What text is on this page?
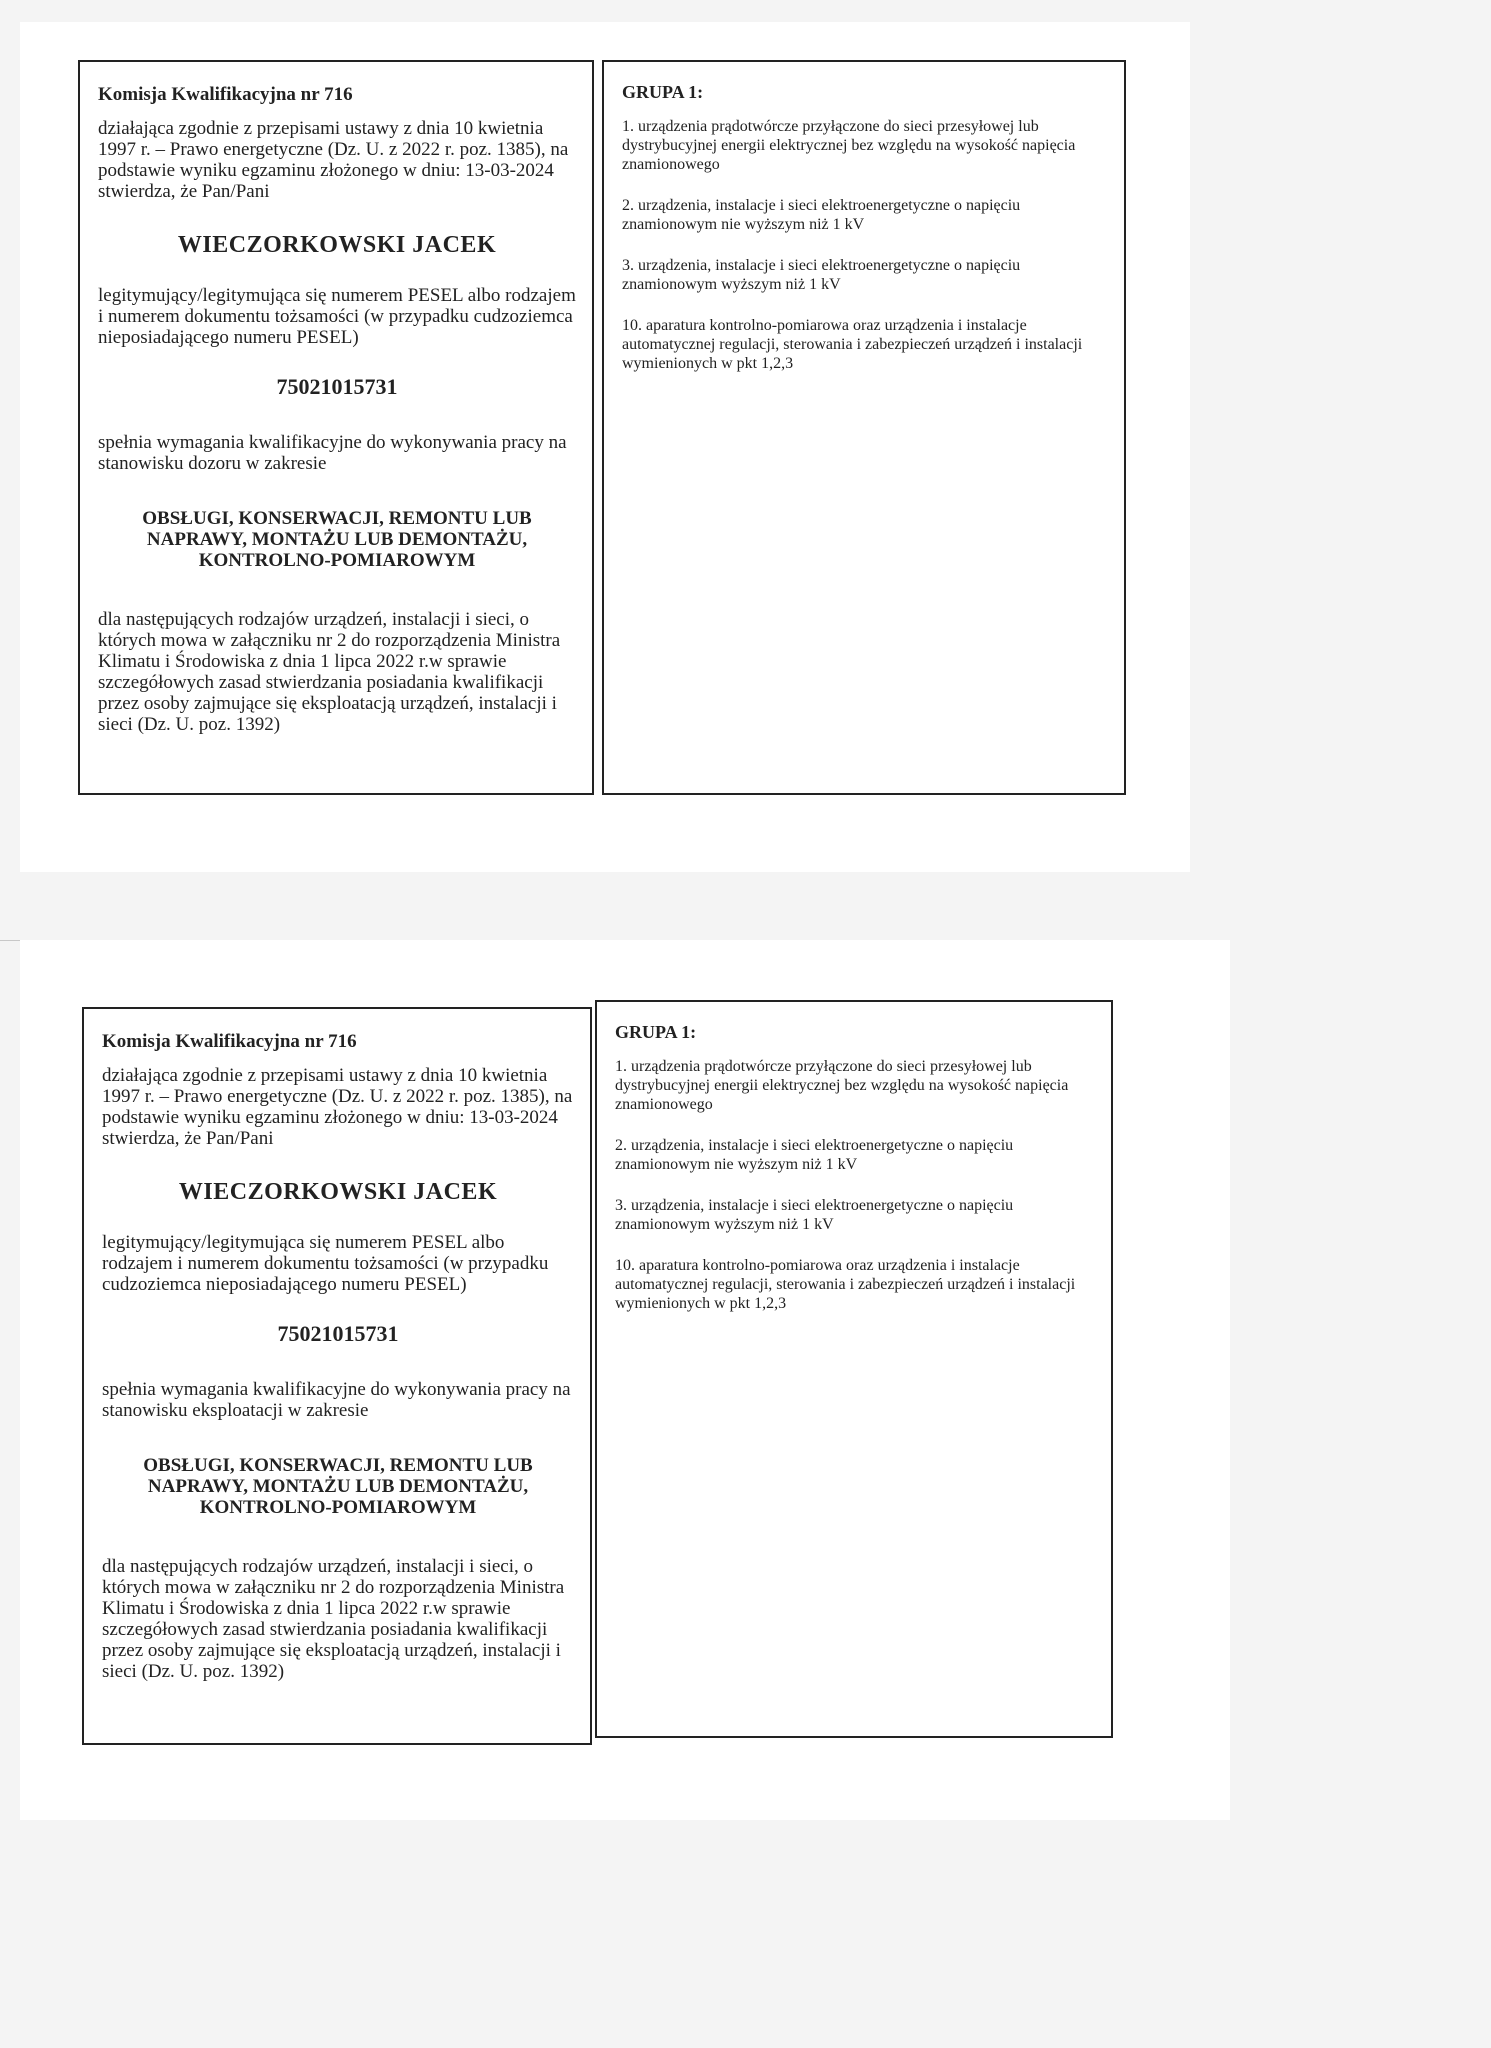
Komisja Kwalifikacyjna nr 716

działająca zgodnie z przepisami ustawy z dnia 10 kwietnia 1997 r. – Prawo energetyczne (Dz. U. z 2022 r. poz. 1385), na podstawie wyniku egzaminu złożonego w dniu: 13-03-2024 stwierdza, że Pan/Pani

WIECZORKOWSKI JACEK

legitymujący/legitymująca się numerem PESEL albo rodzajem i numerem dokumentu tożsamości (w przypadku cudzoziemca nieposiadającego numeru PESEL)

75021015731

spełnia wymagania kwalifikacyjne do wykonywania pracy na stanowisku dozoru w zakresie

OBSŁUGI, KONSERWACJI, REMONTU LUB NAPRAWY, MONTAŻU LUB DEMONTAŻU, KONTROLNO-POMIAROWYM

dla następujących rodzajów urządzeń, instalacji i sieci, o których mowa w załączniku nr 2 do rozporządzenia Ministra Klimatu i Środowiska z dnia 1 lipca 2022 r.w sprawie szczegółowych zasad stwierdzania posiadania kwalifikacji przez osoby zajmujące się eksploatacją urządzeń, instalacji i sieci (Dz. U. poz. 1392)

GRUPA 1:

1. urządzenia prądotwórcze przyłączone do sieci przesyłowej lub dystrybucyjnej energii elektrycznej bez względu na wysokość napięcia znamionowego

2. urządzenia, instalacje i sieci elektroenergetyczne o napięciu znamionowym nie wyższym niż 1 kV

3. urządzenia, instalacje i sieci elektroenergetyczne o napięciu znamionowym wyższym niż 1 kV

10. aparatura kontrolno-pomiarowa oraz urządzenia i instalacje automatycznej regulacji, sterowania i zabezpieczeń urządzeń i instalacji wymienionych w pkt 1,2,3

Komisja Kwalifikacyjna nr 716

działająca zgodnie z przepisami ustawy z dnia 10 kwietnia 1997 r. – Prawo energetyczne (Dz. U. z 2022 r. poz. 1385), na podstawie wyniku egzaminu złożonego w dniu: 13-03-2024 stwierdza, że Pan/Pani

WIECZORKOWSKI JACEK

legitymujący/legitymująca się numerem PESEL albo rodzajem i numerem dokumentu tożsamości (w przypadku cudzoziemca nieposiadającego numeru PESEL)

75021015731

spełnia wymagania kwalifikacyjne do wykonywania pracy na stanowisku eksploatacji w zakresie

OBSŁUGI, KONSERWACJI, REMONTU LUB NAPRAWY, MONTAŻU LUB DEMONTAŻU, KONTROLNO-POMIAROWYM

dla następujących rodzajów urządzeń, instalacji i sieci, o których mowa w załączniku nr 2 do rozporządzenia Ministra Klimatu i Środowiska z dnia 1 lipca 2022 r.w sprawie szczegółowych zasad stwierdzania posiadania kwalifikacji przez osoby zajmujące się eksploatacją urządzeń, instalacji i sieci (Dz. U. poz. 1392)

GRUPA 1:

1. urządzenia prądotwórcze przyłączone do sieci przesyłowej lub dystrybucyjnej energii elektrycznej bez względu na wysokość napięcia znamionowego

2. urządzenia, instalacje i sieci elektroenergetyczne o napięciu znamionowym nie wyższym niż 1 kV

3. urządzenia, instalacje i sieci elektroenergetyczne o napięciu znamionowym wyższym niż 1 kV

10. aparatura kontrolno-pomiarowa oraz urządzenia i instalacje automatycznej regulacji, sterowania i zabezpieczeń urządzeń i instalacji wymienionych w pkt 1,2,3
